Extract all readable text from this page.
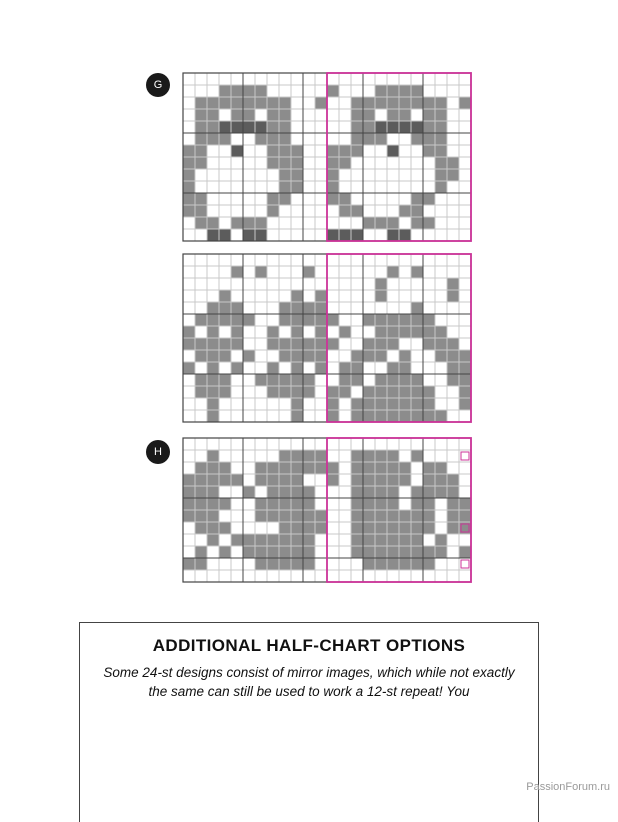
G
H
ADDITIONAL HALF-CHART OPTIONS
Some 24-st designs consist of mirror images, which while not exactly the same can still be used to work a 12-st repeat! You
PassionForum.ru
